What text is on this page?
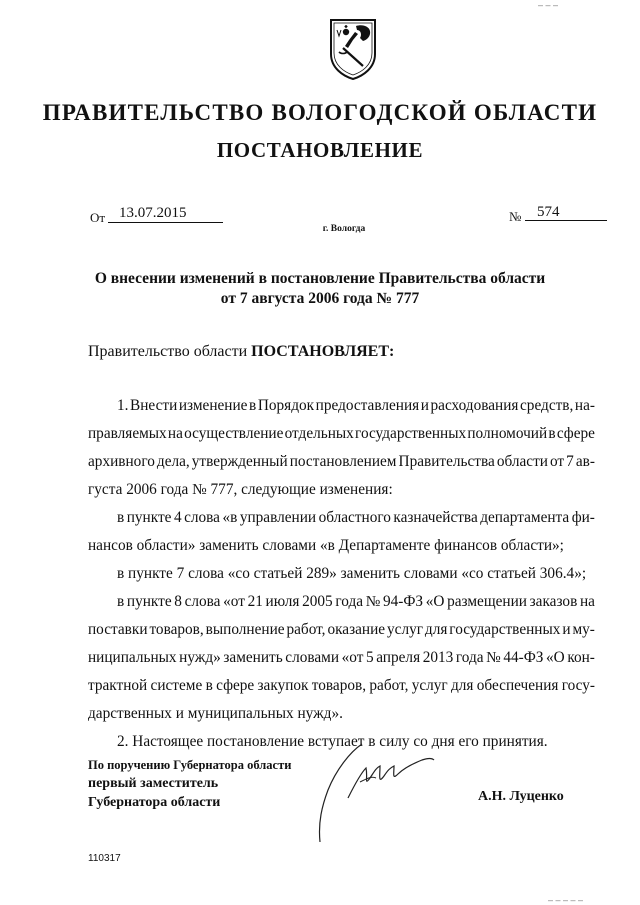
– – –
ПРАВИТЕЛЬСТВО ВОЛОГОДСКОЙ ОБЛАСТИ
ПОСТАНОВЛЕНИЕ
От 13.07.2015	№ 574
г. Вологда
О внесении изменений в постановление Правительства области
от 7 августа 2006 года № 777
Правительство области ПОСТАНОВЛЯЕТ:
1. Внести изменение в Порядок предоставления и расходования средств, на-
правляемых на осуществление отдельных государственных полномочий в сфере
архивного дела, утвержденный постановлением Правительства области от 7 ав-
густа 2006 года № 777, следующие изменения:
в пункте 4 слова «в управлении областного казначейства департамента фи-
нансов области» заменить словами «в Департаменте финансов области»;
в пункте 7 слова «со статьей 289» заменить словами «со статьей 306.4»;
в пункте 8 слова «от 21 июля 2005 года № 94-ФЗ «О размещении заказов на
поставки товаров, выполнение работ, оказание услуг для государственных и му-
ниципальных нужд» заменить словами «от 5 апреля 2013 года № 44-ФЗ «О кон-
трактной системе в сфере закупок товаров, работ, услуг для обеспечения госу-
дарственных и муниципальных нужд».
2. Настоящее постановление вступает в силу со дня его принятия.
По поручению Губернатора области
первый заместитель
Губернатора области	А.Н. Луценко
110317
– – – – –
